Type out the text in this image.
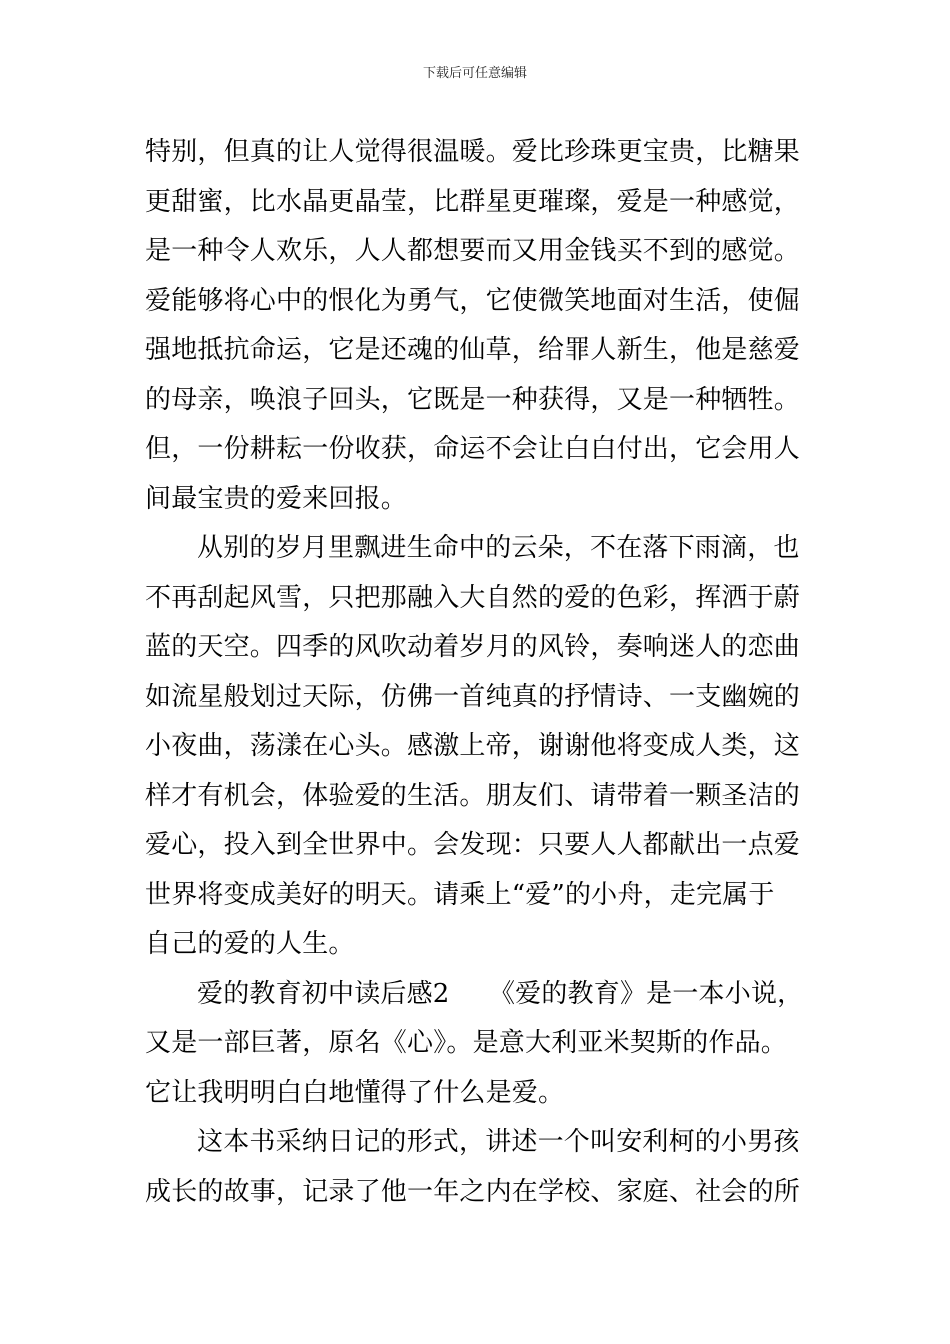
下载后可任意编辑
特别，但真的让人觉得很温暖。爱比珍珠更宝贵，比糖果
更甜蜜，比水晶更晶莹，比群星更璀璨，爱是一种感觉，
是一种令人欢乐，人人都想要而又用金钱买不到的感觉。
爱能够将心中的恨化为勇气，它使微笑地面对生活，使倔
强地抵抗命运，它是还魂的仙草，给罪人新生，他是慈爱
的母亲，唤浪子回头，它既是一种获得，又是一种牺牲。
但，一份耕耘一份收获，命运不会让白白付出，它会用人
间最宝贵的爱来回报。
从别的岁月里飘进生命中的云朵，不在落下雨滴，也
不再刮起风雪，只把那融入大自然的爱的色彩，挥洒于蔚
蓝的天空。四季的风吹动着岁月的风铃，奏响迷人的恋曲
如流星般划过天际，仿佛一首纯真的抒情诗、一支幽婉的
小夜曲，荡漾在心头。感激上帝，谢谢他将变成人类，这
样才有机会，体验爱的生活。朋友们、请带着一颗圣洁的
爱心，投入到全世界中。会发现：只要人人都献出一点爱
世界将变成美好的明天。请乘上“爱”的小舟，走完属于
自己的爱的人生。
爱的教育初中读后感2　　《爱的教育》是一本小说，
又是一部巨著，原名《心》。是意大利亚米契斯的作品。
它让我明明白白地懂得了什么是爱。
这本书采纳日记的形式，讲述一个叫安利柯的小男孩
成长的故事，记录了他一年之内在学校、家庭、社会的所
